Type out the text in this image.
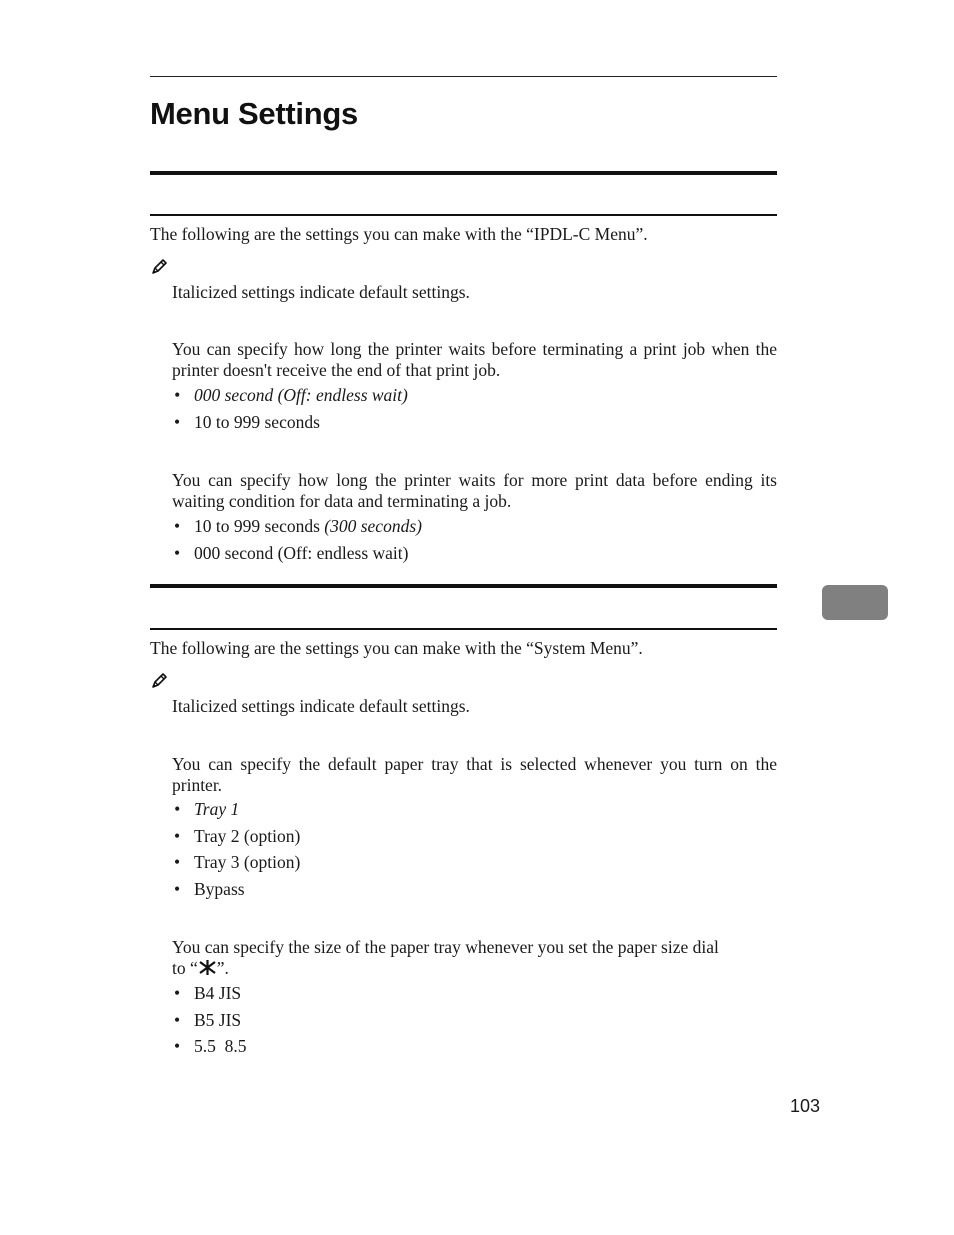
Menu Settings

The following are the settings you can make with the “IPDL-C Menu”.

Italicized settings indicate default settings.

You can specify how long the printer waits before terminating a print job when the printer doesn't receive the end of that print job.

• 000 second (Off: endless wait)
• 10 to 999 seconds

You can specify how long the printer waits for more print data before ending its waiting condition for data and terminating a job.

• 10 to 999 seconds (300 seconds)
• 000 second (Off: endless wait)

The following are the settings you can make with the “System Menu”.

Italicized settings indicate default settings.

You can specify the default paper tray that is selected whenever you turn on the printer.

• Tray 1
• Tray 2 (option)
• Tray 3 (option)
• Bypass

You can specify the size of the paper tray whenever you set the paper size dial
to “ ”.

• B4 JIS
• B5 JIS
• 5.5  8.5
103
